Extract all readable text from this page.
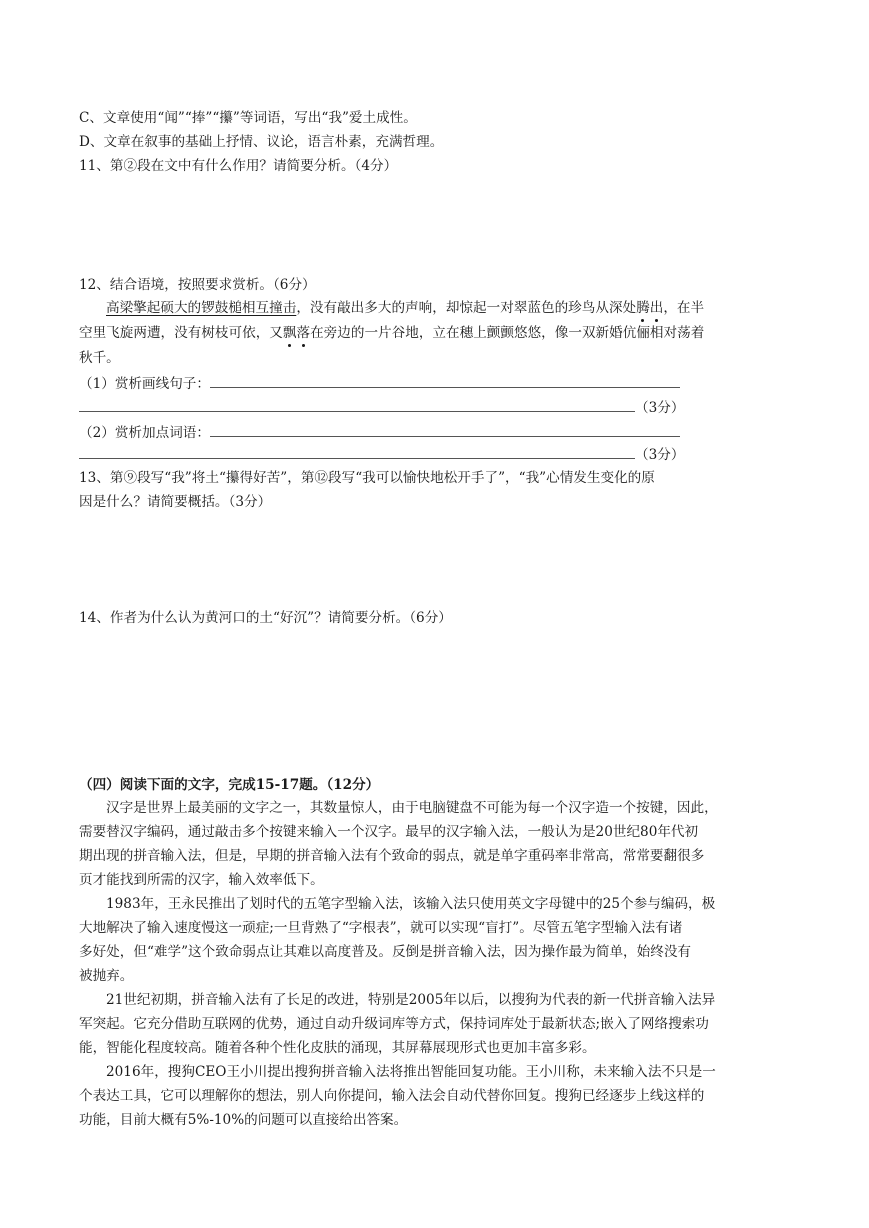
C、文章使用“闻”“捧”“攥”等词语，写出“我”爱土成性。
D、文章在叙事的基础上抒情、议论，语言朴素，充满哲理。
11、第②段在文中有什么作用？请简要分析。（4分）
12、结合语境，按照要求赏析。（6分）
高梁擎起硕大的锣鼓槌相互撞击，没有敲出多大的声响，却惊起一对翠蓝色的珍鸟从深处腾出，在半
空里飞旋两遭，没有树枝可依，又飘落在旁边的一片谷地，立在穗上颤颤悠悠，像一双新婚伉俪相对荡着
秋千。
（1）赏析画线句子：
（3分）
（2）赏析加点词语：
（3分）
13、第⑨段写“我”将土“攥得好苦”，第⑫段写“我可以愉快地松开手了”，“我”心情发生变化的原
因是什么？请简要概括。（3分）
14、作者为什么认为黄河口的土“好沉”？请简要分析。（6分）
（四）阅读下面的文字，完成15-17题。（12分）
汉字是世界上最美丽的文字之一，其数量惊人，由于电脑键盘不可能为每一个汉字造一个按键，因此，
需要替汉字编码，通过敲击多个按键来输入一个汉字。最早的汉字输入法，一般认为是20世纪80年代初
期出现的拼音输入法，但是，早期的拼音输入法有个致命的弱点，就是单字重码率非常高，常常要翻很多
页才能找到所需的汉字，输入效率低下。
1983年，王永民推出了划时代的五笔字型输入法，该输入法只使用英文字母键中的25个参与编码，极
大地解决了输入速度慢这一顽症;一旦背熟了“字根表”，就可以实现“盲打”。尽管五笔字型输入法有诸
多好处，但“难学”这个致命弱点让其难以高度普及。反倒是拼音输入法，因为操作最为简单，始终没有
被抛弃。
21世纪初期，拼音输入法有了长足的改进，特别是2005年以后，以搜狗为代表的新一代拼音输入法异
军突起。它充分借助互联网的优势，通过自动升级词库等方式，保持词库处于最新状态;嵌入了网络搜索功
能，智能化程度较高。随着各种个性化皮肤的涌现，其屏幕展现形式也更加丰富多彩。
2016年，搜狗CEO王小川提出搜狗拼音输入法将推出智能回复功能。王小川称，未来输入法不只是一
个表达工具，它可以理解你的想法，别人向你提问，输入法会自动代替你回复。搜狗已经逐步上线这样的
功能，目前大概有5%-10%的问题可以直接给出答案。
